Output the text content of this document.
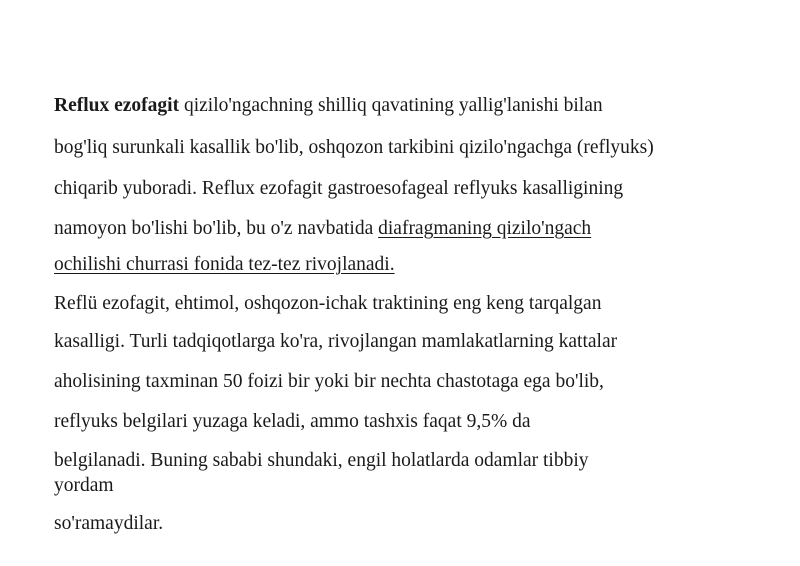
Reflux ezofagit qizilo'ngachning shilliq qavatining yallig'lanishi bilan
bog'liq surunkali kasallik bo'lib, oshqozon tarkibini qizilo'ngachga (reflyuks)
chiqarib yuboradi. Reflux ezofagit gastroesofageal reflyuks kasalligining
namoyon bo'lishi bo'lib, bu o'z navbatida diafragmaning qizilo'ngach
ochilishi churrasi fonida tez-tez rivojlanadi.
Reflü ezofagit, ehtimol, oshqozon-ichak traktining eng keng tarqalgan
kasalligi. Turli tadqiqotlarga ko'ra, rivojlangan mamlakatlarning kattalar
aholisining taxminan 50 foizi bir yoki bir nechta chastotaga ega bo'lib,
reflyuks belgilari yuzaga keladi, ammo tashxis faqat 9,5% da
belgilanadi. Buning sababi shundaki, engil holatlarda odamlar tibbiy
yordam
so'ramaydilar.
